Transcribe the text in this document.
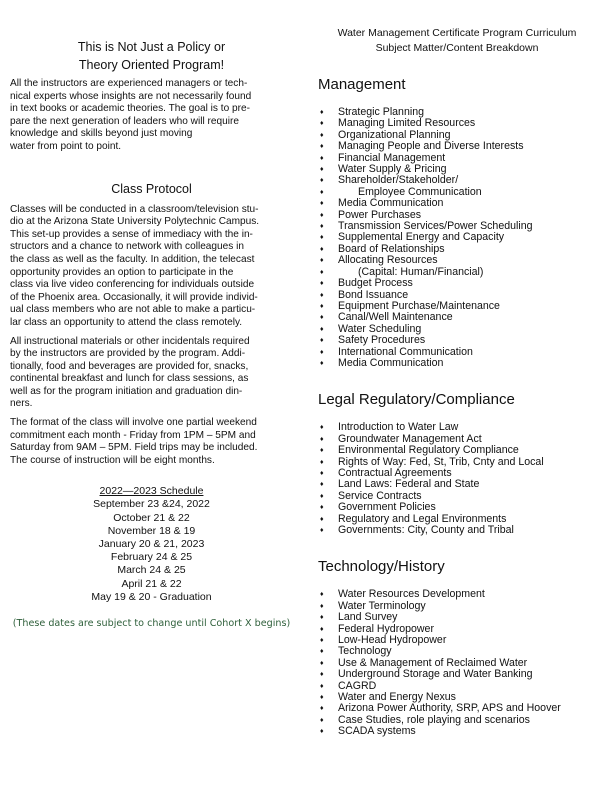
This is Not Just a Policy or
Theory Oriented Program!

All the instructors are experienced managers or tech-
nical experts whose insights are not necessarily found
in text books or academic theories. The goal is to pre-
pare the next generation of leaders who will require
knowledge and skills beyond just moving
water from point to point.

Class Protocol

Classes will be conducted in a classroom/television stu-
dio at the Arizona State University Polytechnic Campus.
This set-up provides a sense of immediacy with the in-
structors and a chance to network with colleagues in
the class as well as the faculty. In addition, the telecast
opportunity provides an option to participate in the
class via live video conferencing for individuals outside
of the Phoenix area. Occasionally, it will provide individ-
ual class members who are not able to make a particu-
lar class an opportunity to attend the class remotely.

All instructional materials or other incidentals required
by the instructors are provided by the program. Addi-
tionally, food and beverages are provided for, snacks,
continental breakfast and lunch for class sessions, as
well as for the program initiation and graduation din-
ners.

The format of the class will involve one partial weekend
commitment each month - Friday from 1PM – 5PM and
Saturday from 9AM – 5PM. Field trips may be included.
The course of instruction will be eight months.

2022—2023 Schedule
September 23 &24, 2022
October 21 & 22
November 18 & 19
January 20 & 21, 2023
February 24 & 25
March 24 & 25
April 21 & 22
May 19 & 20 - Graduation
(These dates are subject to change until Cohort X begins)
Water Management Certificate Program Curriculum
Subject Matter/Content Breakdown
Management
♦ Strategic Planning
♦ Managing Limited Resources
♦ Organizational Planning
♦ Managing People and Diverse Interests
♦ Financial Management
♦ Water Supply & Pricing
♦ Shareholder/Stakeholder/
♦	Employee Communication
♦ Media Communication
♦ Power Purchases
♦ Transmission Services/Power Scheduling
♦ Supplemental Energy and Capacity
♦ Board of Relationships
♦ Allocating Resources
♦	(Capital: Human/Financial)
♦ Budget Process
♦ Bond Issuance
♦ Equipment Purchase/Maintenance
♦ Canal/Well Maintenance
♦ Water Scheduling
♦ Safety Procedures
♦ International Communication
♦ Media Communication
Legal Regulatory/Compliance
♦ Introduction to Water Law
♦ Groundwater Management Act
♦ Environmental Regulatory Compliance
♦ Rights of Way: Fed, St, Trib, Cnty and Local
♦ Contractual Agreements
♦ Land Laws: Federal and State
♦ Service Contracts
♦ Government Policies
♦ Regulatory and Legal Environments
♦ Governments: City, County and Tribal
Technology/History
♦ Water Resources Development
♦ Water Terminology
♦ Land Survey
♦ Federal Hydropower
♦ Low-Head Hydropower
♦ Technology
♦ Use & Management of Reclaimed Water
♦ Underground Storage and Water Banking
♦ CAGRD
♦ Water and Energy Nexus
♦ Arizona Power Authority, SRP, APS and Hoover
♦ Case Studies, role playing and scenarios
♦ SCADA systems
